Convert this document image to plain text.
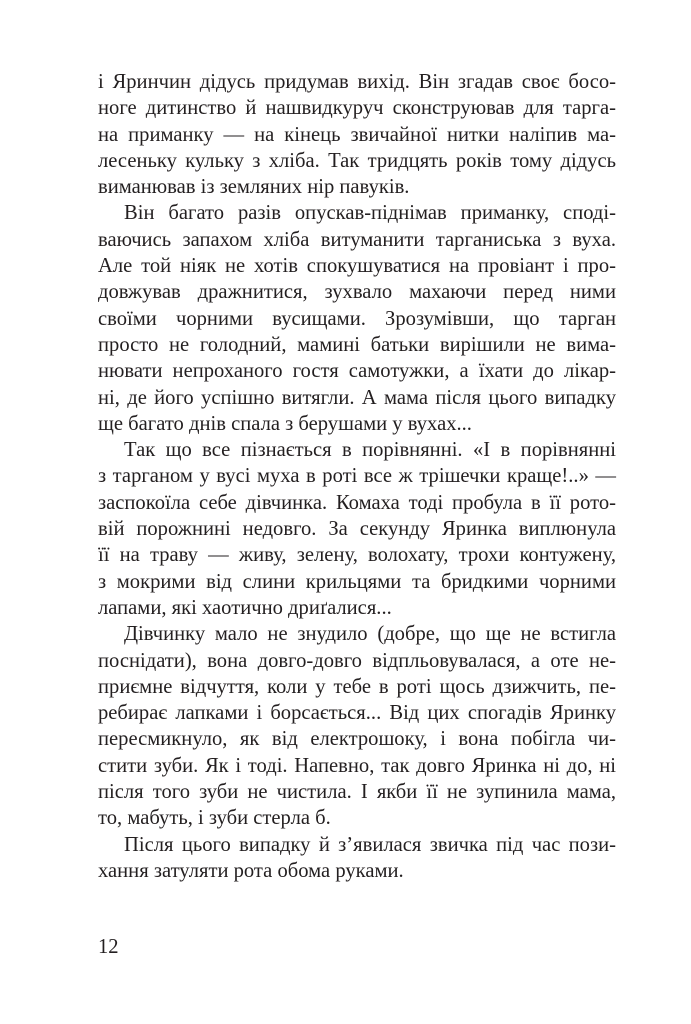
і Яринчин дідусь придумав вихід. Він згадав своє босо-
ноге дитинство й нашвидкуруч сконструював для тарга-
на приманку — на кінець звичайної нитки наліпив ма-
лесеньку кульку з хліба. Так тридцять років тому дідусь
виманював із земляних нір павуків.
Він багато разів опускав-піднімав приманку, сподi-
ваючись запахом хліба витуманити тарганиська з вуха.
Але той ніяк не хотів спокушуватися на провіант і про-
довжував дражнитися, зухвало махаючи перед ними
своїми чорними вусищами. Зрозумівши, що тарган
просто не голодний, мамині батьки вирішили не вима-
нювати непроханого гостя самотужки, а їхати до лікар-
ні, де його успішно витягли. А мама після цього випадку
ще багато днів спала з берушами у вухах...
Так що все пізнається в порівнянні. «І в порівнянні
з тарганом у вусі муха в роті все ж трішечки краще!..» —
заспокоїла себе дівчинка. Комаха тоді пробула в її рото-
вій порожнині недовго. За секунду Яринка виплюнула
її на траву — живу, зелену, волохату, трохи контужену,
з мокрими від слини крильцями та бридкими чорними
лапами, які хаотично дриґалися...
Дівчинку мало не знудило (добре, що ще не встигла
поснідати), вона довго-довго відпльовувалася, а оте не-
приємне відчуття, коли у тебе в роті щось дзижчить, пе-
ребирає лапками і борсається... Від цих спогадів Яринку
пересмикнуло, як від електрошоку, і вона побігла чи-
стити зуби. Як і тоді. Напевно, так довго Яринка ні до, ні
після того зуби не чистила. І якби її не зупинила мама,
то, мабуть, і зуби стерла б.
Після цього випадку й з’явилася звичка під час пози-
хання затуляти рота обома руками.
12
